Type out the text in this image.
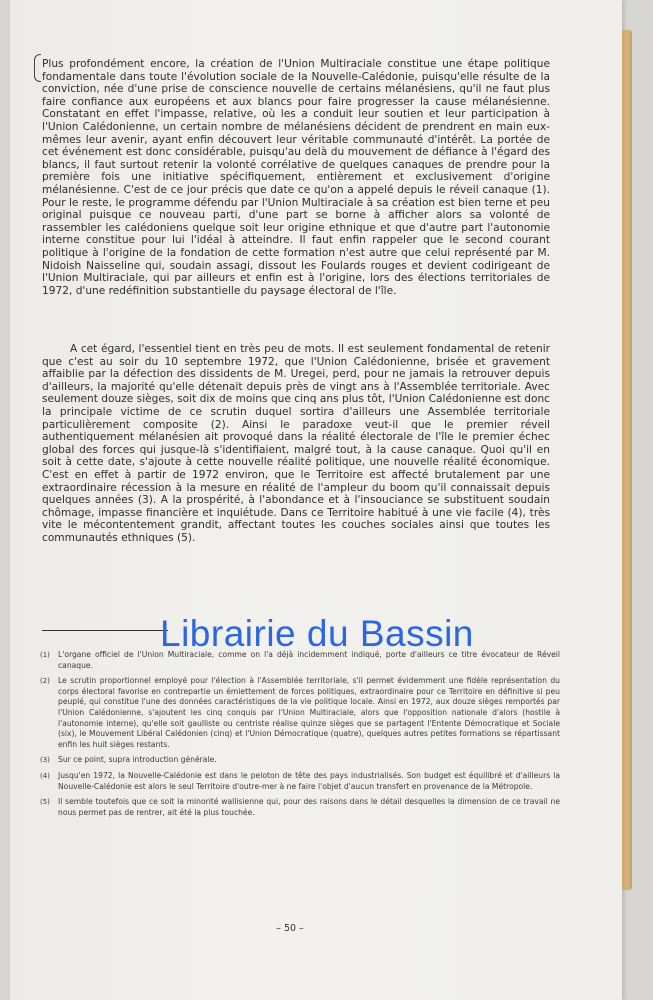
Plus profondément encore, la création de l'Union Multiraciale constitue une étape politique fondamentale dans toute l'évolution sociale de la Nouvelle-Calédonie, puisqu'elle résulte de la conviction, née d'une prise de conscience nouvelle de certains mélanésiens, qu'il ne faut plus faire confiance aux européens et aux blancs pour faire progresser la cause mélanésienne. Constatant en effet l'impasse, relative, où les a conduit leur soutien et leur participation à l'Union Calédonienne, un certain nombre de mélanésiens décident de prendrent en main eux-mêmes leur avenir, ayant enfin découvert leur véritable communauté d'intérêt. La portée de cet événement est donc considérable, puisqu'au delà du mouvement de défiance à l'égard des blancs, il faut surtout retenir la volonté corrélative de quelques canaques de prendre pour la première fois une initiative spécifiquement, entièrement et exclusivement d'origine mélanésienne. C'est de ce jour précis que date ce qu'on a appelé depuis le réveil canaque (1). Pour le reste, le programme défendu par l'Union Multiraciale à sa création est bien terne et peu original puisque ce nouveau parti, d'une part se borne à afficher alors sa volonté de rassembler les calédoniens quelque soit leur origine ethnique et que d'autre part l'autonomie interne constitue pour lui l'idéal à atteindre. Il faut enfin rappeler que le second courant politique à l'origine de la fondation de cette formation n'est autre que celui représenté par M. Nidoish Naisseline qui, soudain assagi, dissout les Foulards rouges et devient codirigeant de l'Union Multiraciale, qui par ailleurs et enfin est à l'origine, lors des élections territoriales de 1972, d'une redéfinition substantielle du paysage électoral de l'île.

A cet égard, l'essentiel tient en très peu de mots. Il est seulement fondamental de retenir que c'est au soir du 10 septembre 1972, que l'Union Calédonienne, brisée et gravement affaiblie par la défection des dissidents de M. Uregei, perd, pour ne jamais la retrouver depuis d'ailleurs, la majorité qu'elle détenait depuis près de vingt ans à l'Assemblée territoriale. Avec seulement douze sièges, soit dix de moins que cinq ans plus tôt, l'Union Calédonienne est donc la principale victime de ce scrutin duquel sortira d'ailleurs une Assemblée territoriale particulièrement composite (2). Ainsi le paradoxe veut-il que le premier réveil authentiquement mélanésien ait provoqué dans la réalité électorale de l'île le premier échec global des forces qui jusque-là s'identifiaient, malgré tout, à la cause canaque. Quoi qu'il en soit à cette date, s'ajoute à cette nouvelle réalité politique, une nouvelle réalité économique. C'est en effet à partir de 1972 environ, que le Territoire est affecté brutalement par une extraordinaire récession à la mesure en réalité de l'ampleur du boom qu'il connaissait depuis quelques années (3). A la prospérité, à l'abondance et à l'insouciance se substituent soudain chômage, impasse financière et inquiétude. Dans ce Territoire habitué à une vie facile (4), très vite le mécontentement grandit, affectant toutes les couches sociales ainsi que toutes les communautés ethniques (5).

(1) L'organe officiel de l'Union Multiraciale, comme on l'a déjà incidemment indiqué, porte d'ailleurs ce titre évocateur de Réveil canaque.
(2) Le scrutin proportionnel employé pour l'élection à l'Assemblée territoriale, s'il permet évidemment une fidèle représentation du corps électoral favorise en contrepartie un émiettement de forces politiques, extraordinaire pour ce Territoire en définitive si peu peuplé, qui constitue l'une des données caractéristiques de la vie politique locale. Ainsi en 1972, aux douze sièges remportés par l'Union Calédonienne, s'ajoutent les cinq conquis par l'Union Multiraciale, alors que l'opposition nationale d'alors (hostile à l'autonomie interne), qu'elle soit gaulliste ou centriste réalise quinze sièges que se partagent l'Entente Démocratique et Sociale (six), le Mouvement Libéral Calédonien (cinq) et l'Union Démocratique (quatre), quelques autres petites formations se répartissant enfin les huit sièges restants.
(3) Sur ce point, supra introduction générale.
(4) Jusqu'en 1972, la Nouvelle-Calédonie est dans le peloton de tête des pays industrialisés. Son budget est équilibré et d'ailleurs la Nouvelle-Calédonie est alors le seul Territoire d'outre-mer à ne faire l'objet d'aucun transfert en provenance de la Métropole.
(5) Il semble toutefois que ce soit la minorité wallisienne qui, pour des raisons dans le détail desquelles la dimension de ce travail ne nous permet pas de rentrer, ait été la plus touchée.
– 50 –
Librairie du Bassin
